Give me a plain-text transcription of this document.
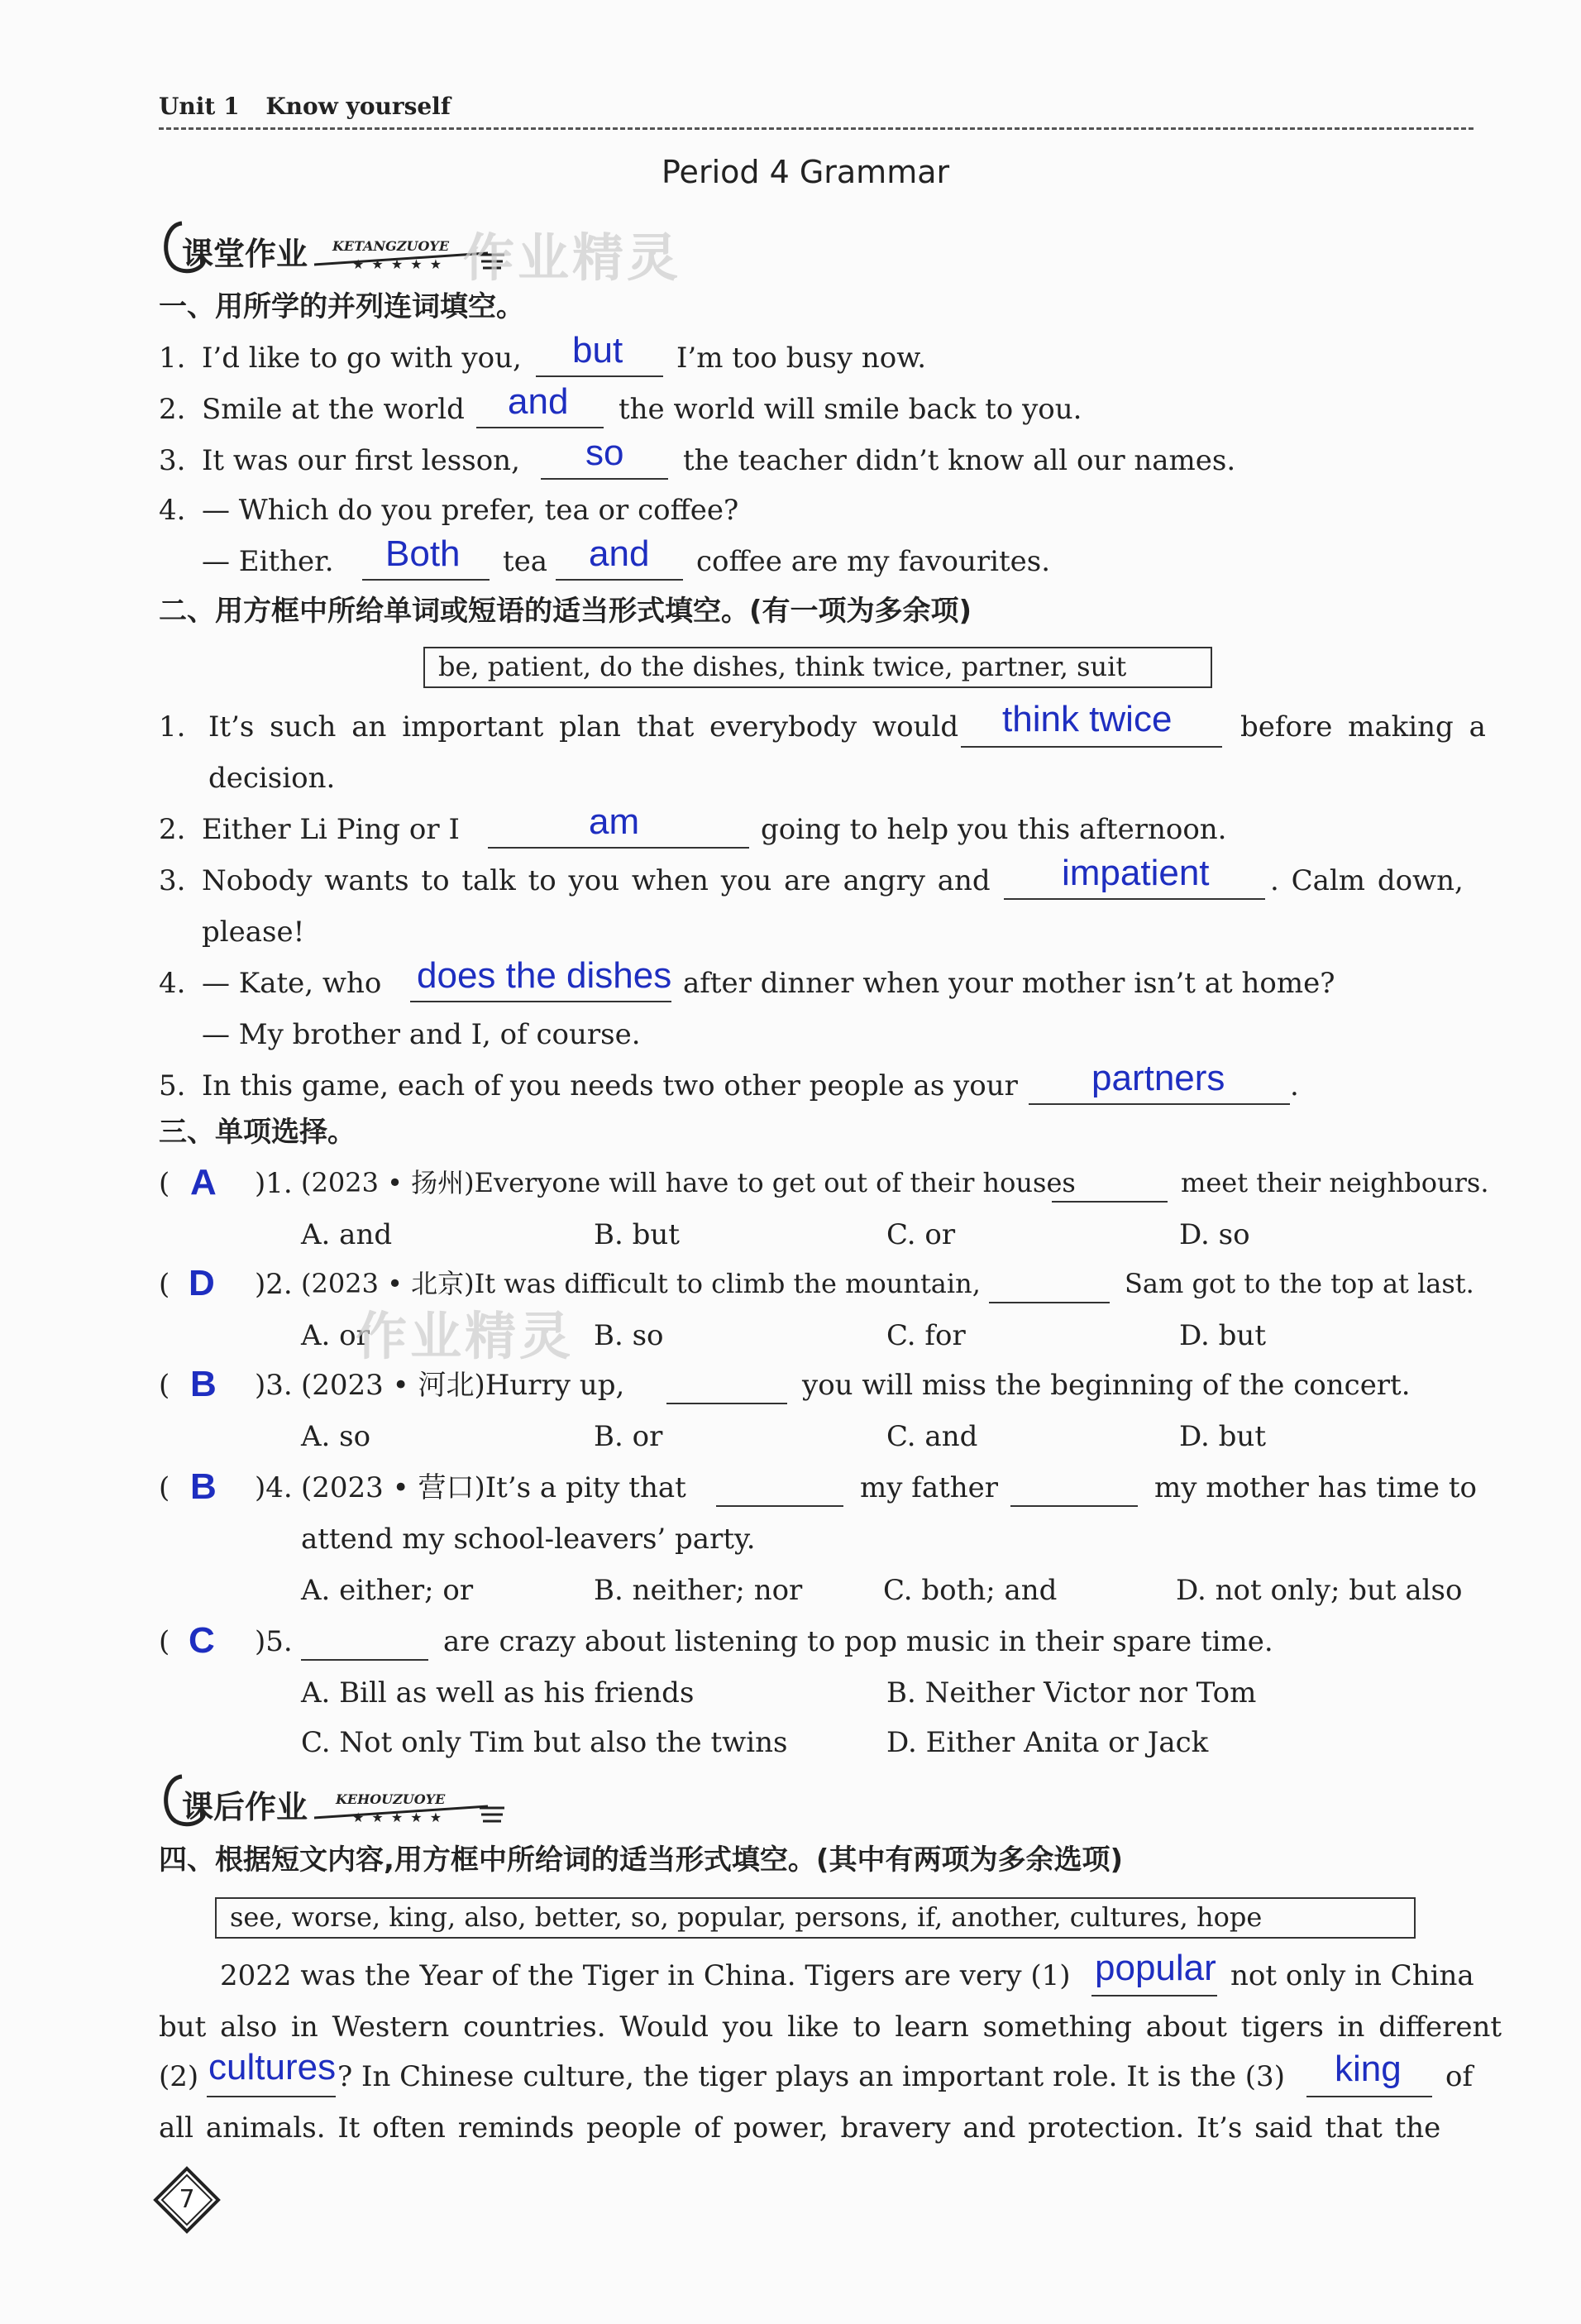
Unit 1 Know yourself
Period 4 Grammar
课堂作业 KETANGZUOYE
★ ★ ★ ★ ★ 作业精灵
一、用所学的并列连词填空。
1. I’d like to go with you, but I’m too busy now.
2. Smile at the world and the world will smile back to you.
3. It was our first lesson, so the teacher didn’t know all our names.
4. — Which do you prefer, tea or coffee?
— Either. Both tea and coffee are my favourites.
二、用方框中所给单词或短语的适当形式填空。(有一项为多余项)
be, patient, do the dishes, think twice, partner, suit
1. It’s such an important plan that everybody would think twice before making a
decision.
2. Either Li Ping or I	am	going to help you this afternoon.
3. Nobody wants to talk to you when you are angry and impatient . Calm down,
please!
4. — Kate, who does the dishes after dinner when your mother isn’t at home?
— My brother and I, of course.
5. In this game, each of you needs two other people as your partners .
三、单项选择。
( A )1. (2023 • 扬州)Everyone will have to get out of their houses	meet their neighbours.
A. and	B. but	C. or	D. so
( D )2. (2023 • 北京)It was difficult to climb the mountain,	Sam got to the top at last.
A. or	B. so	C. for	D. but
作业精灵
( B )3. (2023 • 河北)Hurry up,	you will miss the beginning of the concert.
A. so	B. or	C. and	D. but
( B )4. (2023 • 营口)It’s a pity that	my father	my mother has time to
attend my school-leavers’ party.
A. either; or	B. neither; nor	C. both; and	D. not only; but also
( C )5.	are crazy about listening to pop music in their spare time.
A. Bill as well as his friends	B. Neither Victor nor Tom
C. Not only Tim but also the twins	D. Either Anita or Jack
课后作业 KEHOUZUOYE
★ ★ ★ ★ ★
四、根据短文内容,用方框中所给词的适当形式填空。(其中有两项为多余选项)
see, worse, king, also, better, so, popular, persons, if, another, cultures, hope
2022 was the Year of the Tiger in China. Tigers are very (1) popular not only in China
but also in Western countries. Would you like to learn something about tigers in different
(2) cultures ? In Chinese culture, the tiger plays an important role. It is the (3) king of
all animals. It often reminds people of power, bravery and protection. It’s said that the
7
